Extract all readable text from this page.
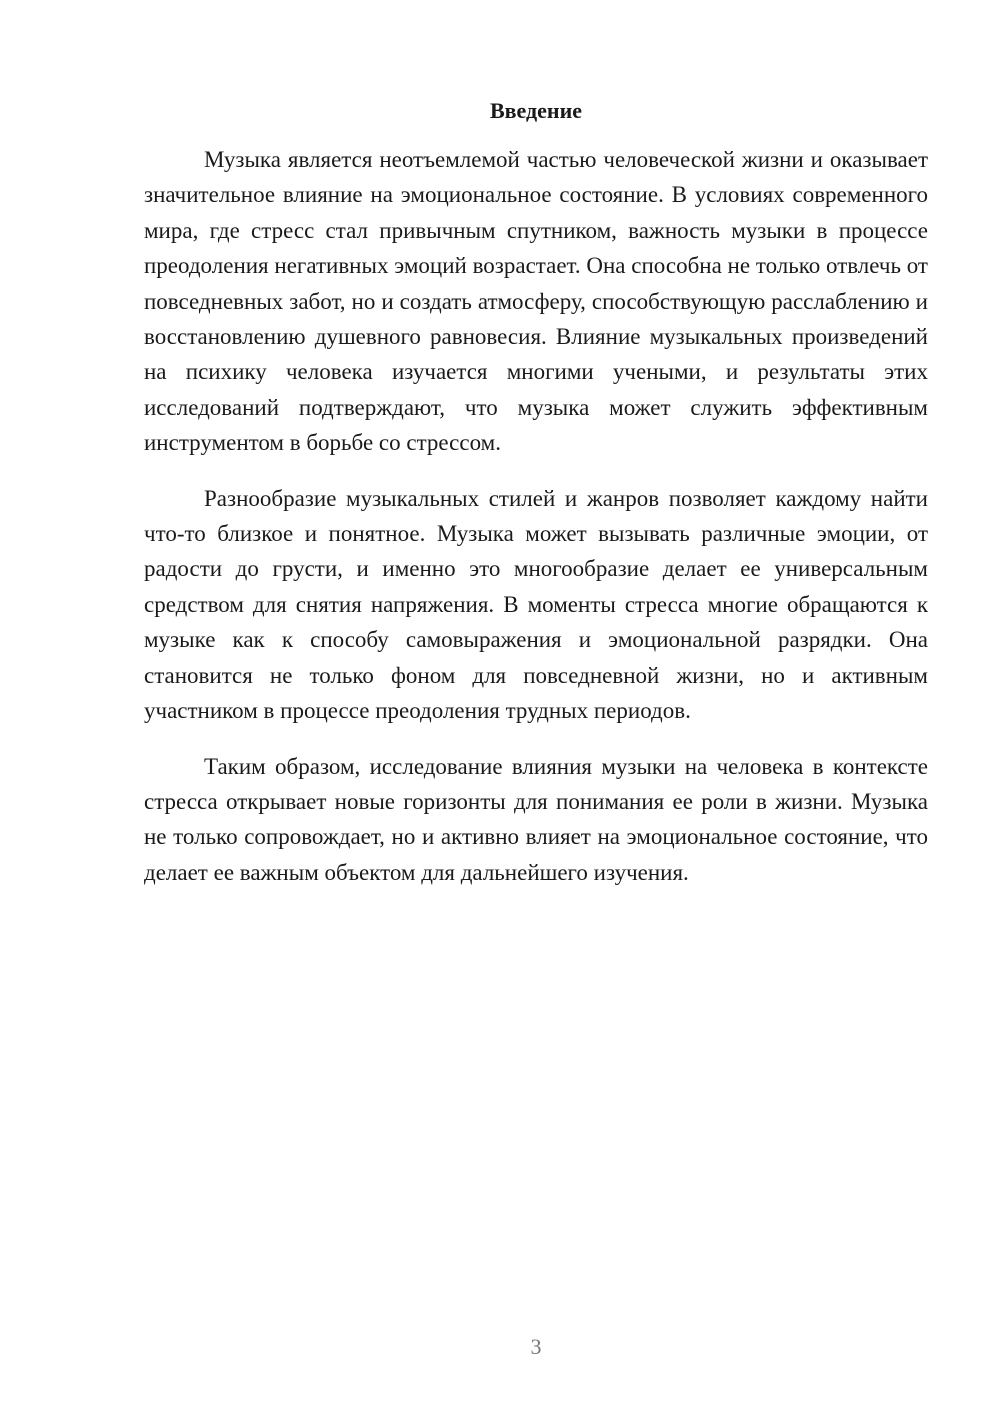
Введение

Музыка является неотъемлемой частью человеческой жизни и оказывает значительное влияние на эмоциональное состояние. В условиях современного мира, где стресс стал привычным спутником, важность музыки в процессе преодоления негативных эмоций возрастает. Она способна не только отвлечь от повседневных забот, но и создать атмосферу, способствующую расслаблению и восстановлению душевного равновесия. Влияние музыкальных произведений на психику человека изучается многими учеными, и результаты этих исследований подтверждают, что музыка может служить эффективным инструментом в борьбе со стрессом.

Разнообразие музыкальных стилей и жанров позволяет каждому найти что-то близкое и понятное. Музыка может вызывать различные эмоции, от радости до грусти, и именно это многообразие делает ее универсальным средством для снятия напряжения. В моменты стресса многие обращаются к музыке как к способу самовыражения и эмоциональной разрядки. Она становится не только фоном для повседневной жизни, но и активным участником в процессе преодоления трудных периодов.

Таким образом, исследование влияния музыки на человека в контексте стресса открывает новые горизонты для понимания ее роли в жизни. Музыка не только сопровождает, но и активно влияет на эмоциональное состояние, что делает ее важным объектом для дальнейшего изучения.

3
